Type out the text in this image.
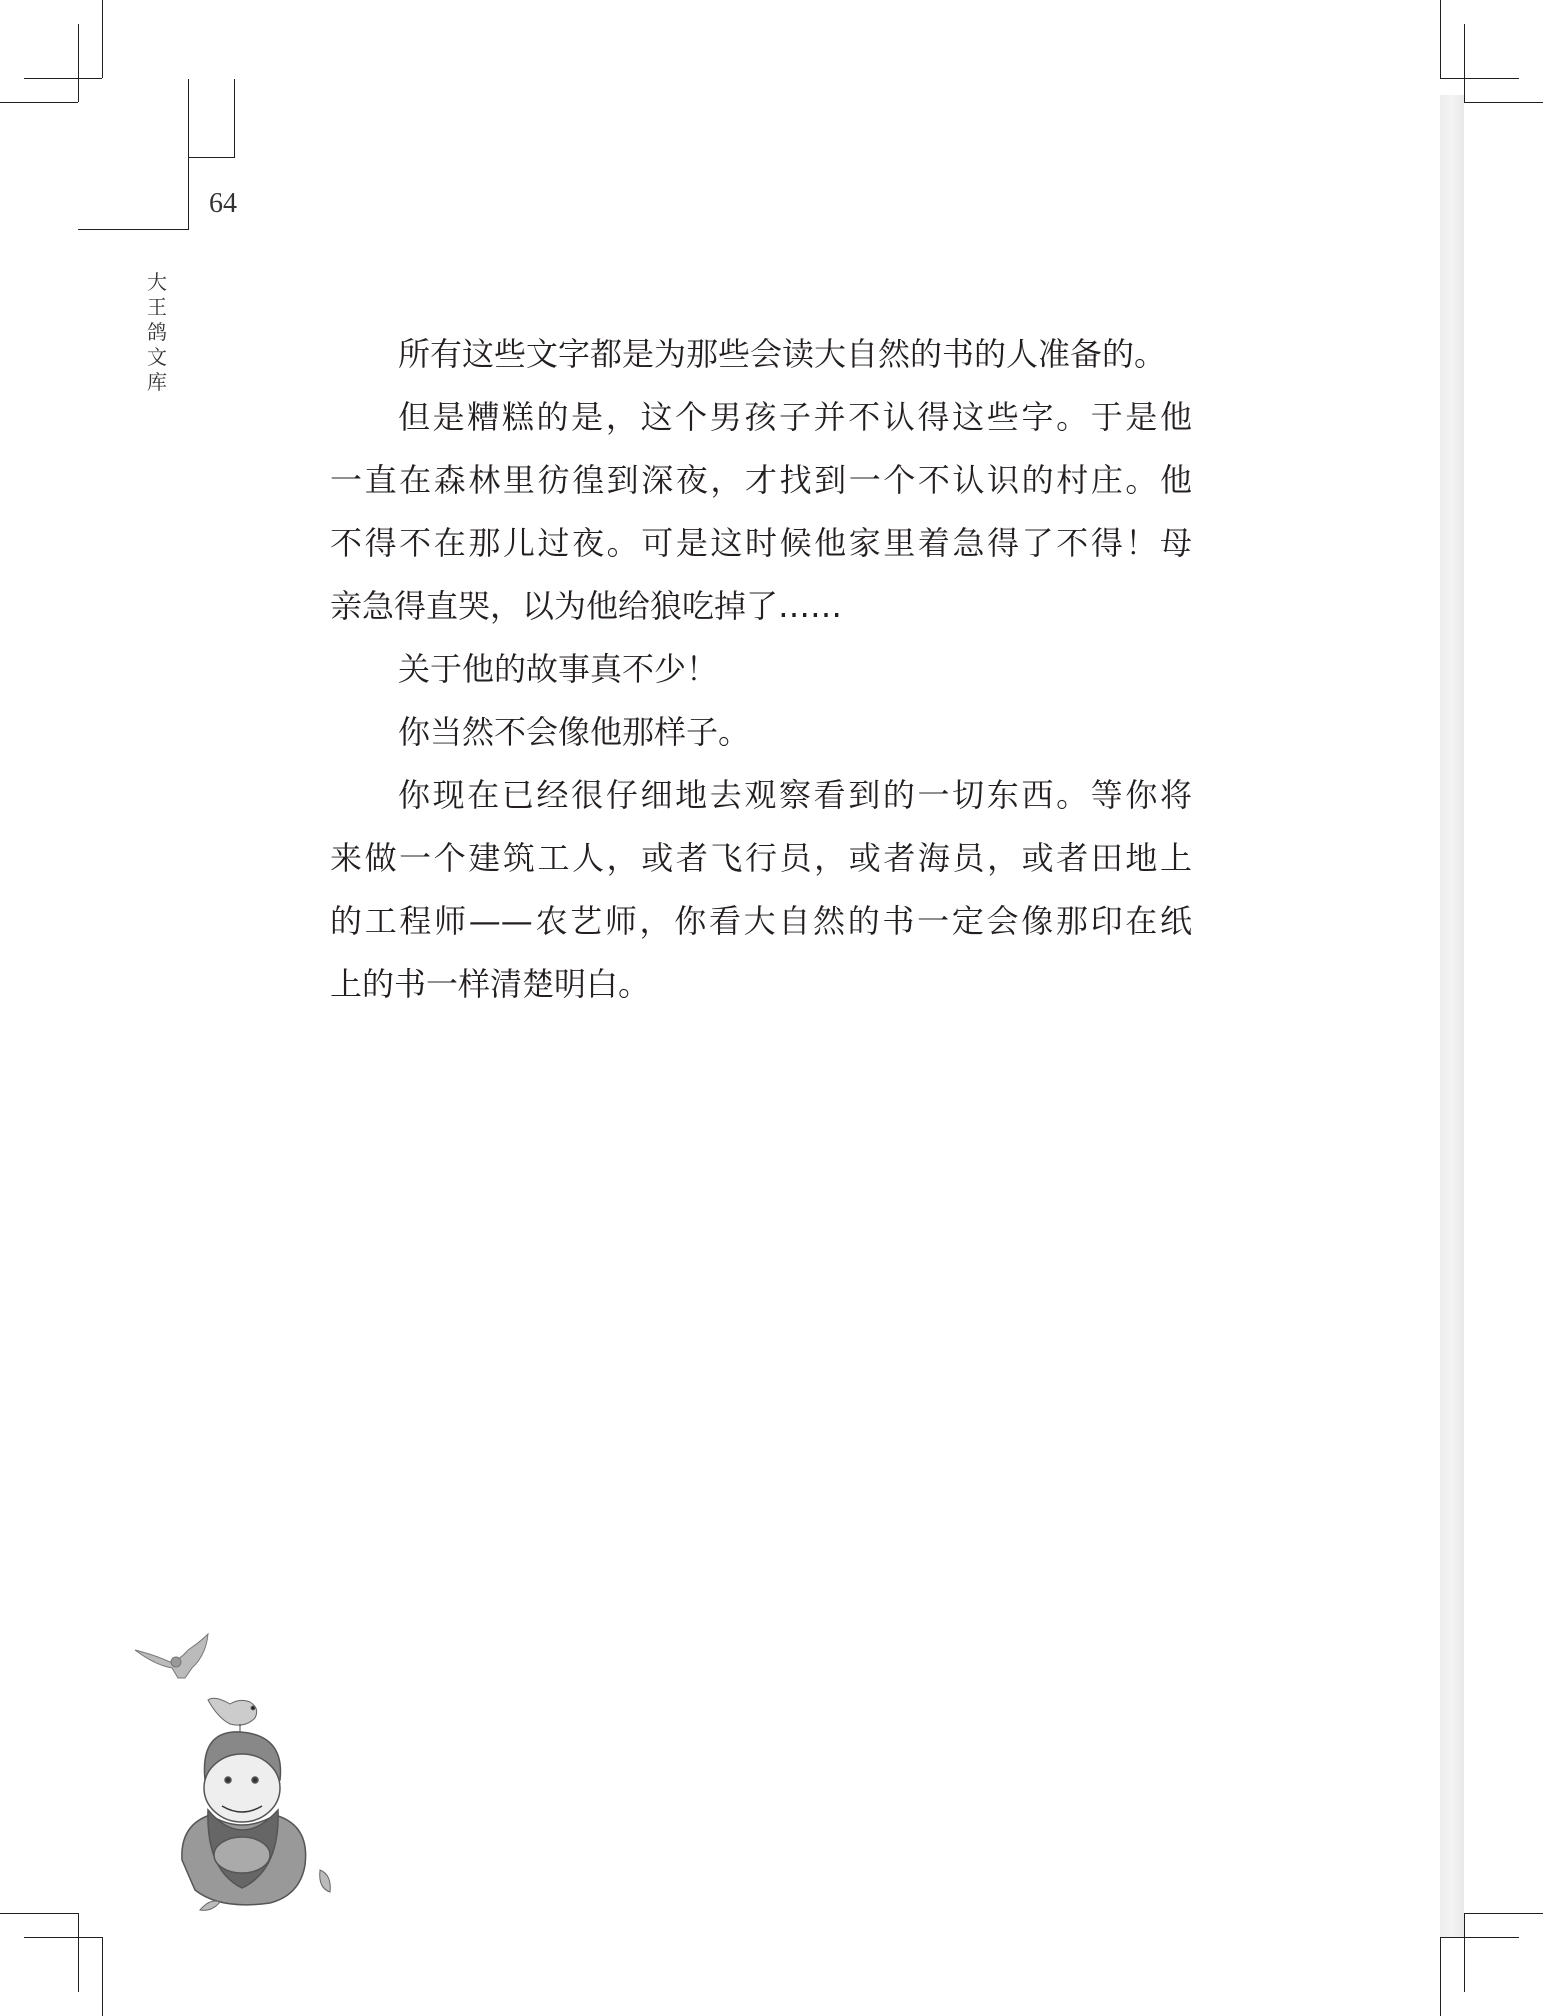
64
大
王
鸽
文
库
所有这些文字都是为那些会读大自然的书的人准备的。
但是糟糕的是，这个男孩子并不认得这些字。于是他
一直在森林里彷徨到深夜，才找到一个不认识的村庄。他
不得不在那儿过夜。可是这时候他家里着急得了不得！母
亲急得直哭，以为他给狼吃掉了……
关于他的故事真不少！
你当然不会像他那样子。
你现在已经很仔细地去观察看到的一切东西。等你将
来做一个建筑工人，或者飞行员，或者海员，或者田地上
的工程师——农艺师，你看大自然的书一定会像那印在纸
上的书一样清楚明白。
